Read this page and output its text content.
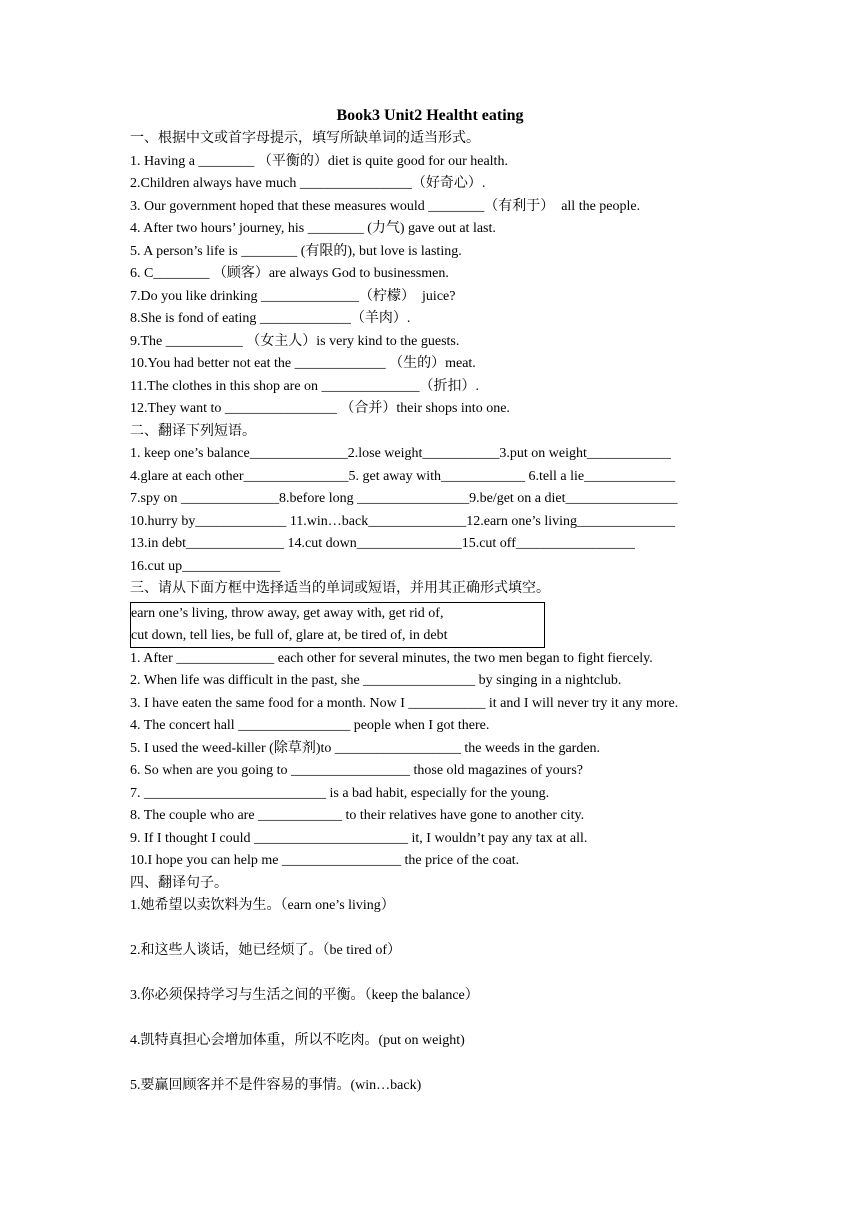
Book3 Unit2 Healtht eating
一、根据中文或首字母提示，填写所缺单词的适当形式。
1. Having a ________ （平衡的）diet is quite good for our health.
2.Children always have much ________________（好奇心）.
3. Our government hoped that these measures would ________（有利于）  all the people.
4. After two hours’ journey, his ________ (力气) gave out at last.
5. A person’s life is ________ (有限的), but love is lasting.
6. C________ （顾客）are always God to businessmen.
7.Do you like drinking ______________（柠檬）  juice?
8.She is fond of eating _____________（羊肉）.
9.The ___________ （女主人）is very kind to the guests.
10.You had better not eat the _____________ （生的）meat.
11.The clothes in this shop are on ______________（折扣）.
12.They want to ________________ （合并）their shops into one.
二、翻译下列短语。
1. keep one’s balance______________2.lose weight___________3.put on weight____________
4.glare at each other_______________5. get away with____________ 6.tell a lie_____________
7.spy on ______________8.before long ________________9.be/get on a diet________________
10.hurry by_____________ 11.win…back______________12.earn one’s living______________
13.in debt______________ 14.cut down_______________15.cut off_________________
16.cut up______________
三、请从下面方框中选择适当的单词或短语，并用其正确形式填空。
earn one’s living, throw away, get away with, get rid of,
cut down, tell lies, be full of, glare at, be tired of, in debt
1. After ______________ each other for several minutes, the two men began to fight fiercely.
2. When life was difficult in the past, she ________________ by singing in a nightclub.
3. I have eaten the same food for a month. Now I ___________ it and I will never try it any more.
4. The concert hall ________________ people when I got there.
5. I used the weed-killer (除草剂)to __________________ the weeds in the garden.
6. So when are you going to _________________ those old magazines of yours?
7. __________________________ is a bad habit, especially for the young.
8. The couple who are ____________ to their relatives have gone to another city.
9. If I thought I could ______________________ it, I wouldn’t pay any tax at all.
10.I hope you can help me _________________ the price of the coat.
四、翻译句子。
1.她希望以卖饮料为生。（earn one’s living）
2.和这些人谈话，她已经烦了。（be tired of）
3.你必须保持学习与生活之间的平衡。（keep the balance）
4.凯特真担心会增加体重，所以不吃肉。(put on weight)
5.要赢回顾客并不是件容易的事情。(win…back)
